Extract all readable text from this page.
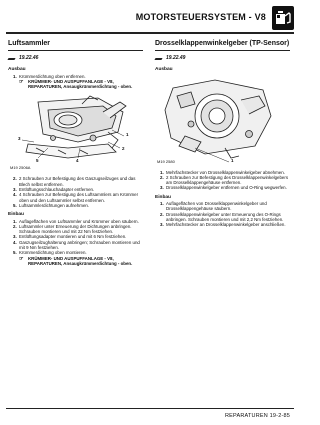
MOTORSTEUERSYSTEM - V8
Luftsammler
19.22.46
Ausbau
1. Krümmerdichtung oben entfernen.
☞
KRÜMMER- UND AUSPUFFANLAGE - V8, REPARATUREN, Ansaugkrümmerdichtung - oben.
1
2
3
4
5
M19 2506A
2. 2 Schrauben zur Befestigung des Gaszugseilzuges und das Blech selbst entfernen.
3. Entlüftungsschlauchadapter entfernen.
4. 4 Schrauben zur Befestigung des Luftsammlers am Krümmer oben und den Luftsammler selbst entfernen.
5. Luftsammlerdichtungen aufnehmen.
Einbau
1. Auflageflächen von Luftsammler und Krümmer oben säubern.
2. Luftsammler unter Erneuerung der Dichtungen anbringen. Schrauben montieren und mit 22 Nm festziehen.
3. Entlüftungsadapter montieren und mit 6 Nm festziehen.
4. Gaszugseilzughalterung anbringen; Schrauben montieren und mit 9 Nm festziehen.
5. Krümmerdichtung oben montieren.
☞
KRÜMMER- UND AUSPUFFANLAGE - V8, REPARATUREN, Ansaugkrümmerdichtung - oben.
Drosselklappenwinkelgeber (TP-Sensor)
19.22.49
Ausbau
1
M19 2580
1. Mehrfachstecker von Drosselklappenwinkelgeber abnehmen.
2. 2 Schrauben zur Befestigung des Drosselklappenwinkelgebers am Drosselklappengehäuse entfernen.
3. Drosselklappenwinkelgeber entfernen und O-Ring wegwerfen.
Einbau
1. Auflageflächen von Drosselklappenwinkelgeber und Drosselklappengehäuse säubern.
2. Drosselklappenwinkelgeber unter Erneuerung des O-Rings anbringen. Schrauben montieren und mit 2,2 Nm festziehen.
3. Mehrfachstecker an Drosselklappenwinkelgeber anschließen.
REPARATUREN 19-2-85
